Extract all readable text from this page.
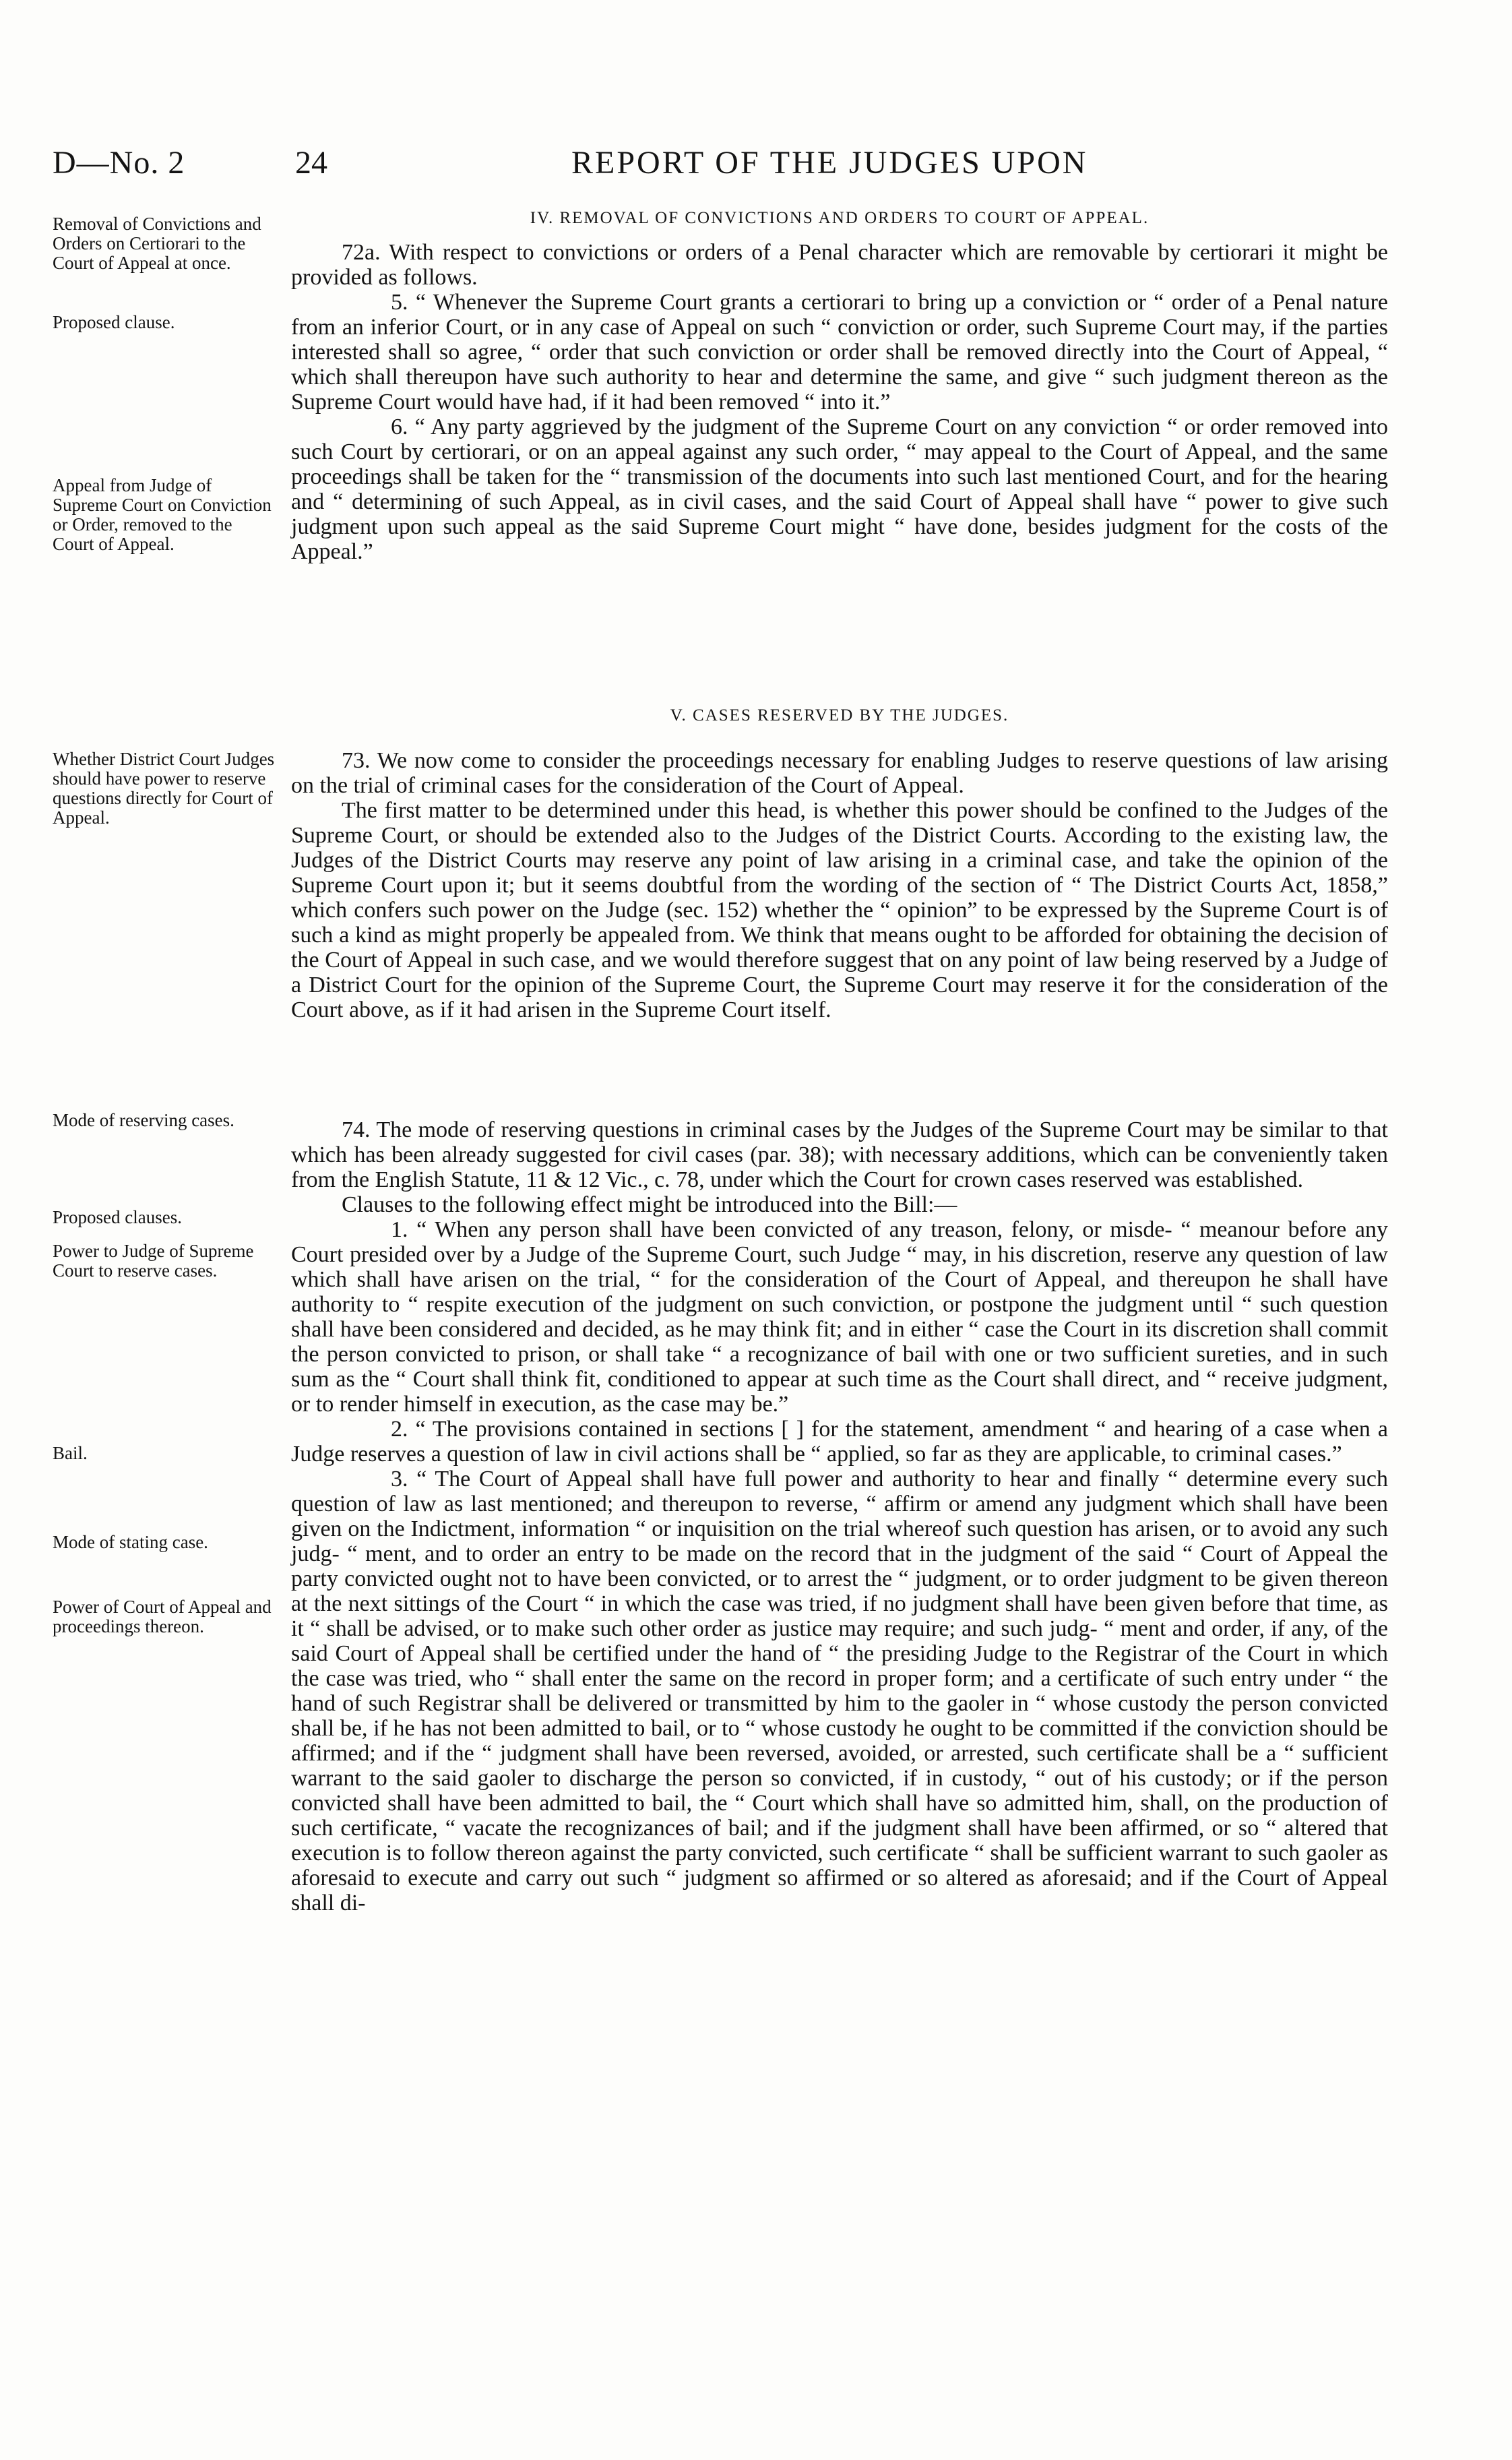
D—No. 2	24	REPORT OF THE JUDGES UPON
Removal of Convictions and Orders on Certiorari to the Court of Appeal at once.
Proposed clause.
Appeal from Judge of Supreme Court on Conviction or Order, removed to the Court of Appeal.
Whether District Court Judges should have power to reserve questions directly for Court of Appeal.
Mode of reserving cases.
Proposed clauses.
Power to Judge of Supreme Court to reserve cases.
Bail.
Mode of stating case.
Power of Court of Appeal and proceedings thereon.
IV. REMOVAL OF CONVICTIONS AND ORDERS TO COURT OF APPEAL.

72a. With respect to convictions or orders of a Penal character which are removable by certiorari it might be provided as follows.

5. “ Whenever the Supreme Court grants a certiorari to bring up a conviction or “ order of a Penal nature from an inferior Court, or in any case of Appeal on such “ conviction or order, such Supreme Court may, if the parties interested shall so agree, “ order that such conviction or order shall be removed directly into the Court of Appeal, “ which shall thereupon have such authority to hear and determine the same, and give “ such judgment thereon as the Supreme Court would have had, if it had been removed “ into it.”

6. “ Any party aggrieved by the judgment of the Supreme Court on any conviction “ or order removed into such Court by certiorari, or on an appeal against any such order, “ may appeal to the Court of Appeal, and the same proceedings shall be taken for the “ transmission of the documents into such last mentioned Court, and for the hearing and “ determining of such Appeal, as in civil cases, and the said Court of Appeal shall have “ power to give such judgment upon such appeal as the said Supreme Court might “ have done, besides judgment for the costs of the Appeal.”

V. CASES RESERVED BY THE JUDGES.

73. We now come to consider the proceedings necessary for enabling Judges to reserve questions of law arising on the trial of criminal cases for the consideration of the Court of Appeal.

The first matter to be determined under this head, is whether this power should be confined to the Judges of the Supreme Court, or should be extended also to the Judges of the District Courts. According to the existing law, the Judges of the District Courts may reserve any point of law arising in a criminal case, and take the opinion of the Supreme Court upon it; but it seems doubtful from the wording of the section of “ The District Courts Act, 1858,” which confers such power on the Judge (sec. 152) whether the “ opinion” to be expressed by the Supreme Court is of such a kind as might properly be appealed from. We think that means ought to be afforded for obtaining the decision of the Court of Appeal in such case, and we would therefore suggest that on any point of law being reserved by a Judge of a District Court for the opinion of the Supreme Court, the Supreme Court may reserve it for the consideration of the Court above, as if it had arisen in the Supreme Court itself.

74. The mode of reserving questions in criminal cases by the Judges of the Supreme Court may be similar to that which has been already suggested for civil cases (par. 38); with necessary additions, which can be conveniently taken from the English Statute, 11 & 12 Vic., c. 78, under which the Court for crown cases reserved was established.

Clauses to the following effect might be introduced into the Bill:—

1. “ When any person shall have been convicted of any treason, felony, or misde- “ meanour before any Court presided over by a Judge of the Supreme Court, such Judge “ may, in his discretion, reserve any question of law which shall have arisen on the trial, “ for the consideration of the Court of Appeal, and thereupon he shall have authority to “ respite execution of the judgment on such conviction, or postpone the judgment until “ such question shall have been considered and decided, as he may think fit; and in either “ case the Court in its discretion shall commit the person convicted to prison, or shall take “ a recognizance of bail with one or two sufficient sureties, and in such sum as the “ Court shall think fit, conditioned to appear at such time as the Court shall direct, and “ receive judgment, or to render himself in execution, as the case may be.”

2. “ The provisions contained in sections [ ] for the statement, amendment “ and hearing of a case when a Judge reserves a question of law in civil actions shall be “ applied, so far as they are applicable, to criminal cases.”

3. “ The Court of Appeal shall have full power and authority to hear and finally “ determine every such question of law as last mentioned; and thereupon to reverse, “ affirm or amend any judgment which shall have been given on the Indictment, information “ or inquisition on the trial whereof such question has arisen, or to avoid any such judg- “ ment, and to order an entry to be made on the record that in the judgment of the said “ Court of Appeal the party convicted ought not to have been convicted, or to arrest the “ judgment, or to order judgment to be given thereon at the next sittings of the Court “ in which the case was tried, if no judgment shall have been given before that time, as it “ shall be advised, or to make such other order as justice may require; and such judg- “ ment and order, if any, of the said Court of Appeal shall be certified under the hand of “ the presiding Judge to the Registrar of the Court in which the case was tried, who “ shall enter the same on the record in proper form; and a certificate of such entry under “ the hand of such Registrar shall be delivered or transmitted by him to the gaoler in “ whose custody the person convicted shall be, if he has not been admitted to bail, or to “ whose custody he ought to be committed if the conviction should be affirmed; and if the “ judgment shall have been reversed, avoided, or arrested, such certificate shall be a “ sufficient warrant to the said gaoler to discharge the person so convicted, if in custody, “ out of his custody; or if the person convicted shall have been admitted to bail, the “ Court which shall have so admitted him, shall, on the production of such certificate, “ vacate the recognizances of bail; and if the judgment shall have been affirmed, or so “ altered that execution is to follow thereon against the party convicted, such certificate “ shall be sufficient warrant to such gaoler as aforesaid to execute and carry out such “ judgment so affirmed or so altered as aforesaid; and if the Court of Appeal shall di-
